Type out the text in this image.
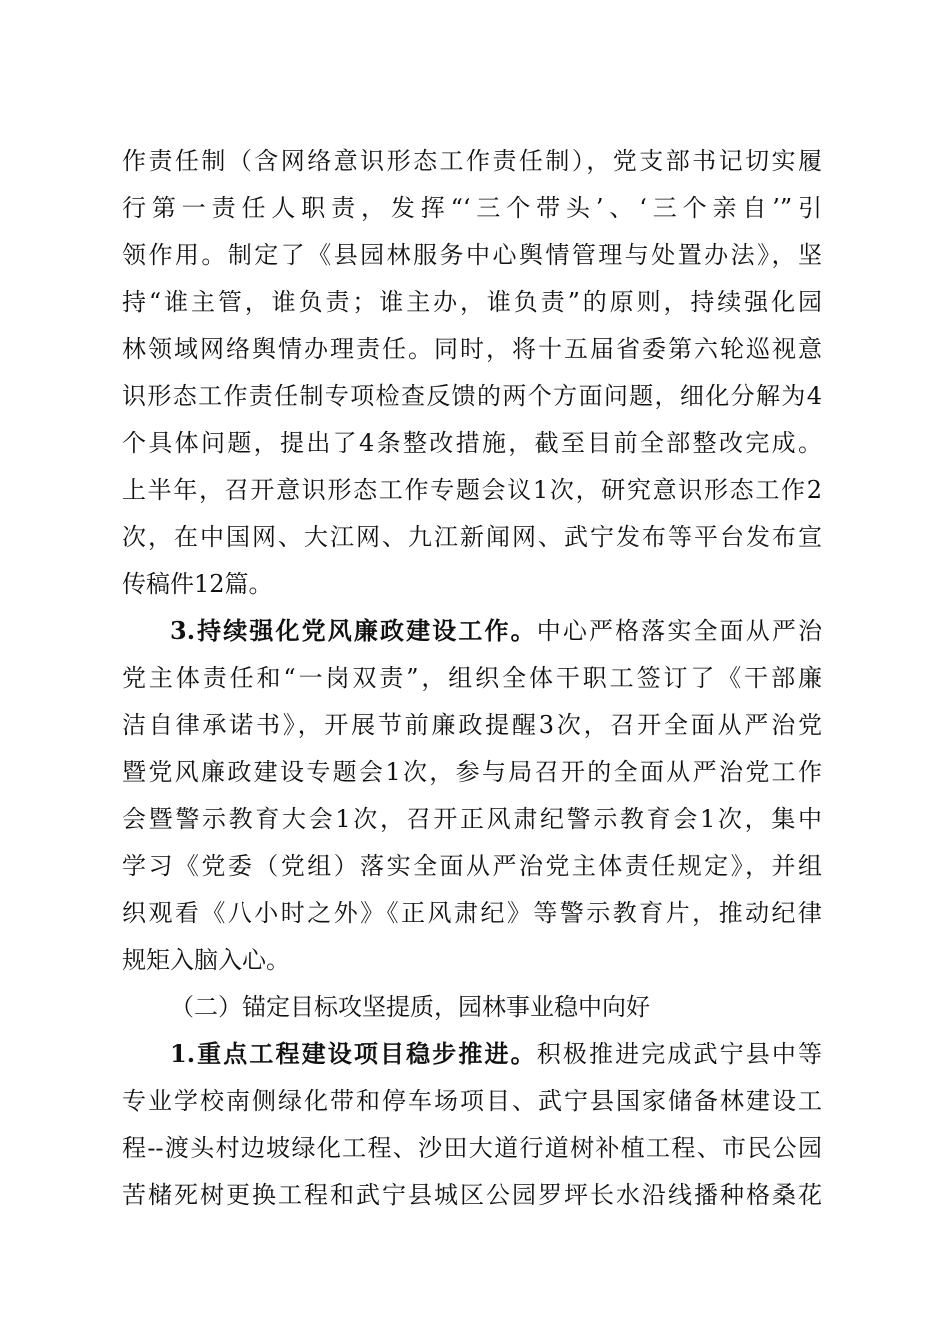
作责任制（含网络意识形态工作责任制），党支部书记切实履
行第一责任人职责，发挥“‘三个带头’、‘三个亲自’”引
领作用。制定了《县园林服务中心舆情管理与处置办法》，坚
持“谁主管，谁负责；谁主办，谁负责”的原则，持续强化园
林领域网络舆情办理责任。同时，将十五届省委第六轮巡视意
识形态工作责任制专项检查反馈的两个方面问题，细化分解为4
个具体问题，提出了4条整改措施，截至目前全部整改完成。
上半年，召开意识形态工作专题会议1次，研究意识形态工作2
次，在中国网、大江网、九江新闻网、武宁发布等平台发布宣
传稿件12篇。
3.持续强化党风廉政建设工作。中心严格落实全面从严治
党主体责任和“一岗双责”，组织全体干职工签订了《干部廉
洁自律承诺书》，开展节前廉政提醒3次，召开全面从严治党
暨党风廉政建设专题会1次，参与局召开的全面从严治党工作
会暨警示教育大会1次，召开正风肃纪警示教育会1次，集中
学习《党委（党组）落实全面从严治党主体责任规定》，并组
织观看《八小时之外》《正风肃纪》等警示教育片，推动纪律
规矩入脑入心。
（二）锚定目标攻坚提质，园林事业稳中向好
1.重点工程建设项目稳步推进。积极推进完成武宁县中等
专业学校南侧绿化带和停车场项目、武宁县国家储备林建设工
程--渡头村边坡绿化工程、沙田大道行道树补植工程、市民公园
苦槠死树更换工程和武宁县城区公园罗坪长水沿线播种格桑花
